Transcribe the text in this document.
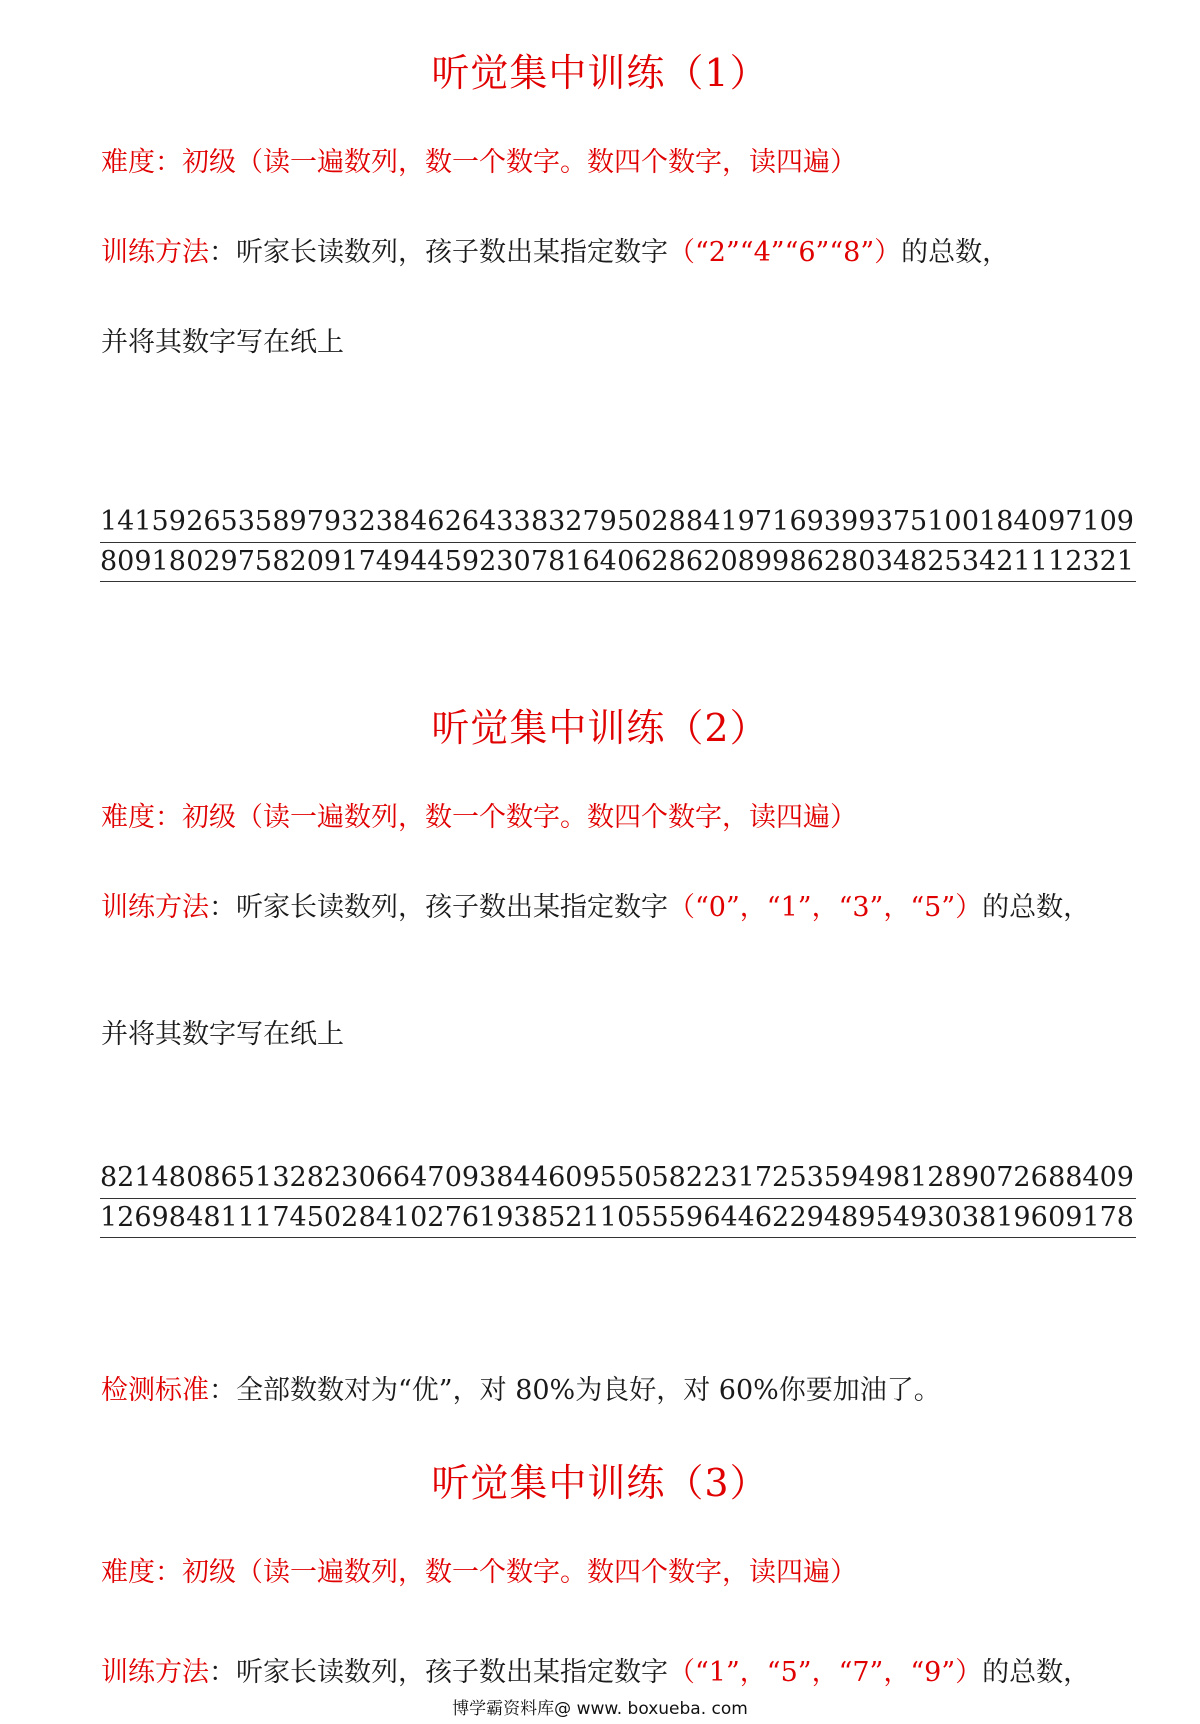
听觉集中训练（1）
难度：初级（读一遍数列，数一个数字。数四个数字，读四遍）
训练方法：听家长读数列，孩子数出某指定数字（“2”“4”“6”“8”）的总数，
并将其数字写在纸上
14159 26535 89793 23846 26433 83279 50288 41971 69399 37510 01840 97109
80918 02975 82091 74944 59230 78164 06286 20899 86280 34825 34211 12321
听觉集中训练（2）
难度：初级（读一遍数列，数一个数字。数四个数字，读四遍）
训练方法：听家长读数列，孩子数出某指定数字（“0”，“1”，“3”，“5”）的总数，
并将其数字写在纸上
82148 08651 32823 06647 09384 46095 50582 23172 53594 98128 90726 88409
12698 48111 74502 84102 76193 85211 05559 64462 29489 54930 38196 09178
检测标准：全部数数对为“优”，对 80%为良好，对 60%你要加油了。
听觉集中训练（3）
难度：初级（读一遍数列，数一个数字。数四个数字，读四遍）
训练方法：听家长读数列，孩子数出某指定数字（“1”，“5”，“7”，“9”）的总数，
博学霸资料库@ www. boxueba. com
